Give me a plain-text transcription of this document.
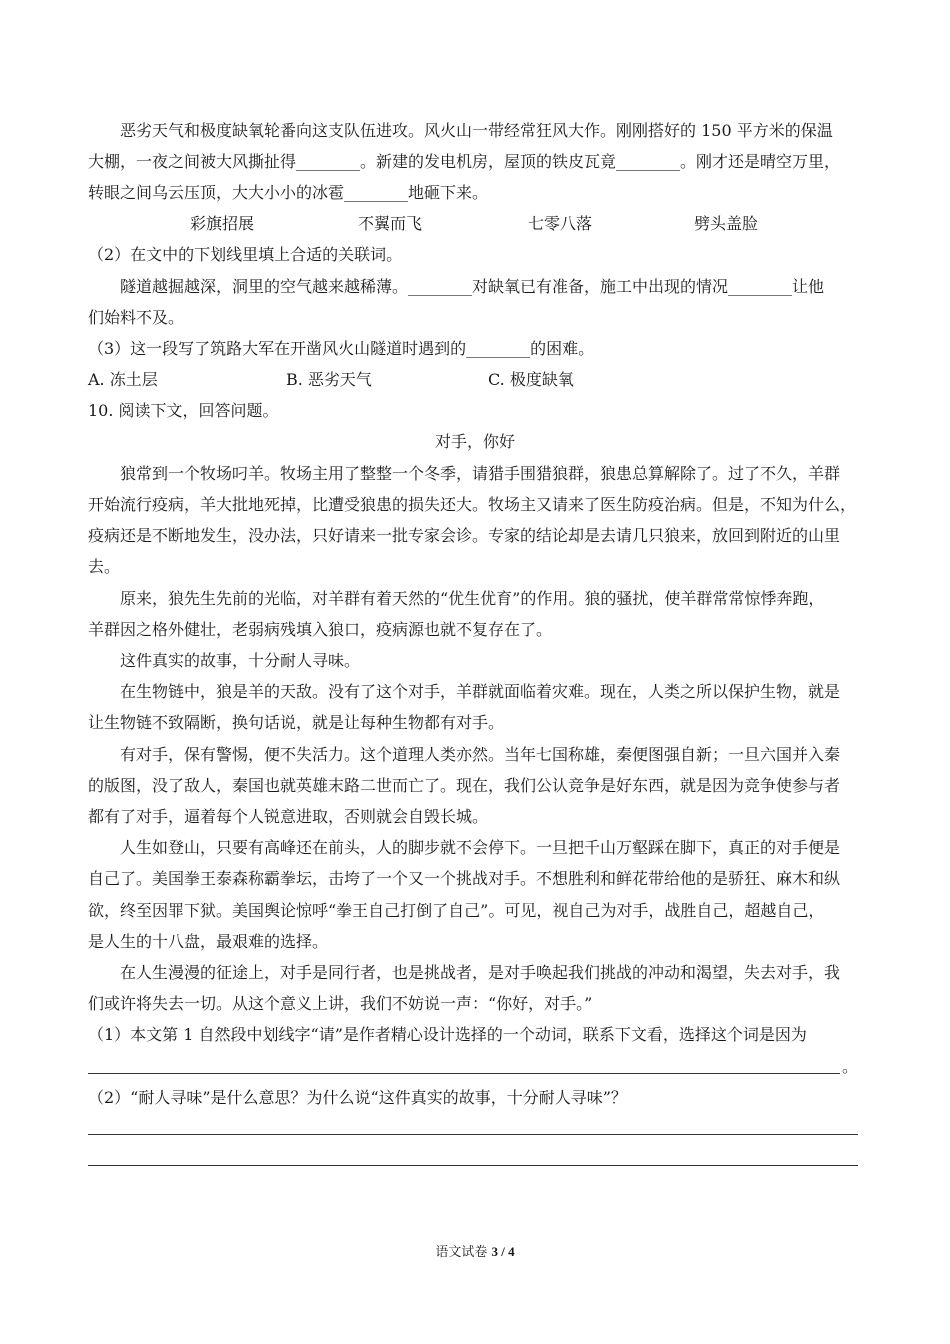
恶劣天气和极度缺氧轮番向这支队伍进攻。风火山一带经常狂风大作。刚刚搭好的 150 平方米的保温
大棚，一夜之间被大风撕扯得________。新建的发电机房，屋顶的铁皮瓦竟________。刚才还是晴空万里，
转眼之间乌云压顶，大大小小的冰雹________地砸下来。
彩旗招展	不翼而飞	七零八落	劈头盖脸
（2）在文中的下划线里填上合适的关联词。
隧道越掘越深，洞里的空气越来越稀薄。________对缺氧已有准备，施工中出现的情况________让他
们始料不及。
（3）这一段写了筑路大军在开凿风火山隧道时遇到的________的困难。
A. 冻土层	B. 恶劣天气	C. 极度缺氧
10. 阅读下文，回答问题。
对手，你好
狼常到一个牧场叼羊。牧场主用了整整一个冬季，请猎手围猎狼群，狼患总算解除了。过了不久，羊群
开始流行疫病，羊大批地死掉，比遭受狼患的损失还大。牧场主又请来了医生防疫治病。但是，不知为什么，
疫病还是不断地发生，没办法，只好请来一批专家会诊。专家的结论却是去请几只狼来，放回到附近的山里
去。
原来，狼先生先前的光临，对羊群有着天然的“优生优育”的作用。狼的骚扰，使羊群常常惊悸奔跑，
羊群因之格外健壮，老弱病残填入狼口，疫病源也就不复存在了。
这件真实的故事，十分耐人寻味。
在生物链中，狼是羊的天敌。没有了这个对手，羊群就面临着灾难。现在，人类之所以保护生物，就是
让生物链不致隔断，换句话说，就是让每种生物都有对手。
有对手，保有警惕，便不失活力。这个道理人类亦然。当年七国称雄，秦便图强自新；一旦六国并入秦
的版图，没了敌人，秦国也就英雄末路二世而亡了。现在，我们公认竞争是好东西，就是因为竞争使参与者
都有了对手，逼着每个人锐意进取，否则就会自毁长城。
人生如登山，只要有高峰还在前头，人的脚步就不会停下。一旦把千山万壑踩在脚下，真正的对手便是
自己了。美国拳王泰森称霸拳坛，击垮了一个又一个挑战对手。不想胜利和鲜花带给他的是骄狂、麻木和纵
欲，终至因罪下狱。美国舆论惊呼“拳王自己打倒了自己”。可见，视自己为对手，战胜自己，超越自己，
是人生的十八盘，最艰难的选择。
在人生漫漫的征途上，对手是同行者，也是挑战者，是对手唤起我们挑战的冲动和渴望，失去对手，我
们或许将失去一切。从这个意义上讲，我们不妨说一声：“你好，对手。”
（1）本文第 1 自然段中划线字“请”是作者精心设计选择的一个动词，联系下文看，选择这个词是因为
。
（2）“耐人寻味”是什么意思？为什么说“这件真实的故事，十分耐人寻味”？
语文试卷 3 / 4
